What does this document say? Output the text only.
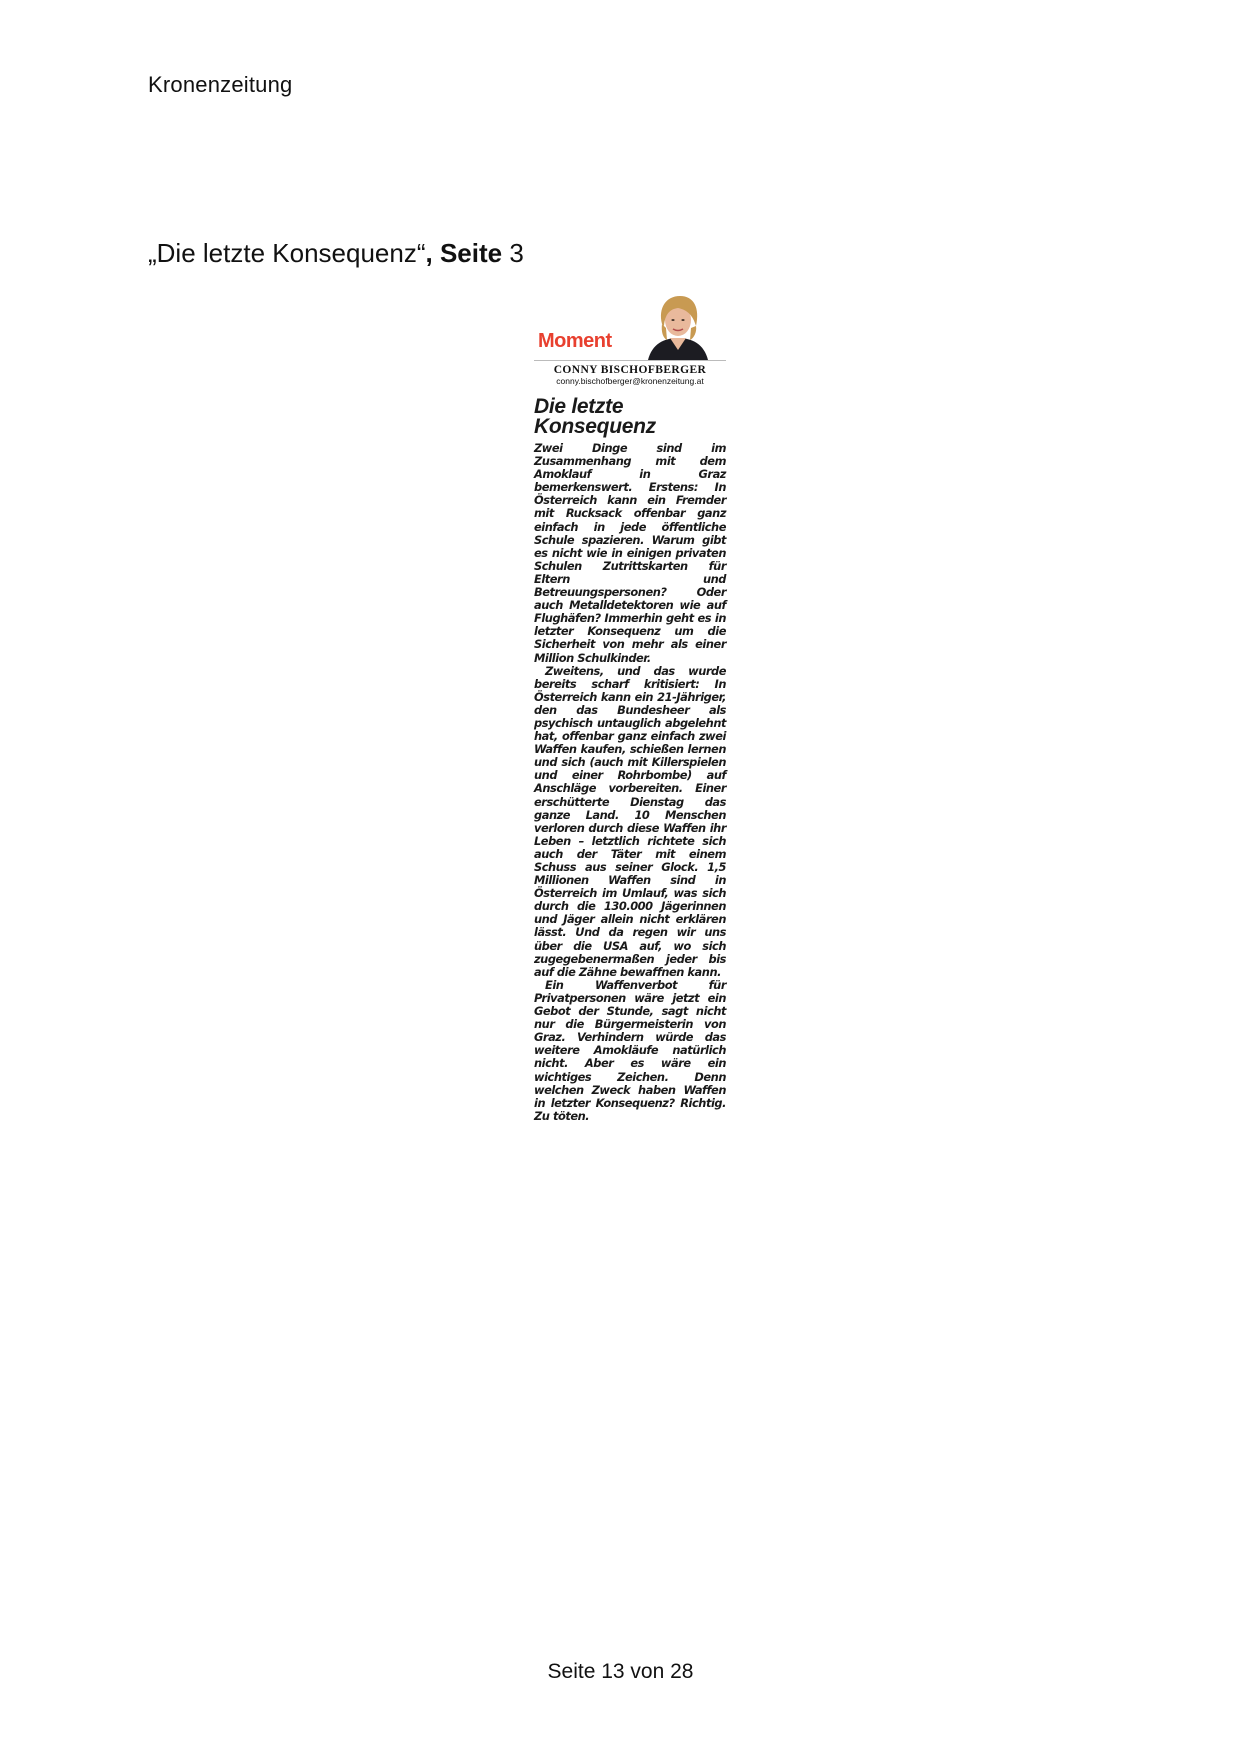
Kronenzeitung
„Die letzte Konsequenz“, Seite 3
Moment
CONNY BISCHOFBERGER
conny.bischofberger@kronenzeitung.at
Die letzte Konsequenz

Zwei Dinge sind im Zusammenhang mit dem Amoklauf in Graz bemerkenswert. Erstens: In Österreich kann ein Fremder mit Rucksack offenbar ganz einfach in jede öffentliche Schule spazieren. Warum gibt es nicht wie in einigen privaten Schulen Zutrittskarten für Eltern und Betreuungspersonen? Oder auch Metalldetektoren wie auf Flughäfen? Immerhin geht es in letzter Konsequenz um die Sicherheit von mehr als einer Million Schulkinder.

Zweitens, und das wurde bereits scharf kritisiert: In Österreich kann ein 21-Jähriger, den das Bundesheer als psychisch untauglich abgelehnt hat, offenbar ganz einfach zwei Waffen kaufen, schießen lernen und sich (auch mit Killerspielen und einer Rohrbombe) auf Anschläge vorbereiten. Einer erschütterte Dienstag das ganze Land. 10 Menschen verloren durch diese Waffen ihr Leben – letztlich richtete sich auch der Täter mit einem Schuss aus seiner Glock. 1,5 Millionen Waffen sind in Österreich im Umlauf, was sich durch die 130.000 Jägerinnen und Jäger allein nicht erklären lässt. Und da regen wir uns über die USA auf, wo sich zugegebenermaßen jeder bis auf die Zähne bewaffnen kann.

Ein Waffenverbot für Privatpersonen wäre jetzt ein Gebot der Stunde, sagt nicht nur die Bürgermeisterin von Graz. Verhindern würde das weitere Amokläufe natürlich nicht. Aber es wäre ein wichtiges Zeichen. Denn welchen Zweck haben Waffen in letzter Konsequenz? Richtig. Zu töten.

Seite 13 von 28
